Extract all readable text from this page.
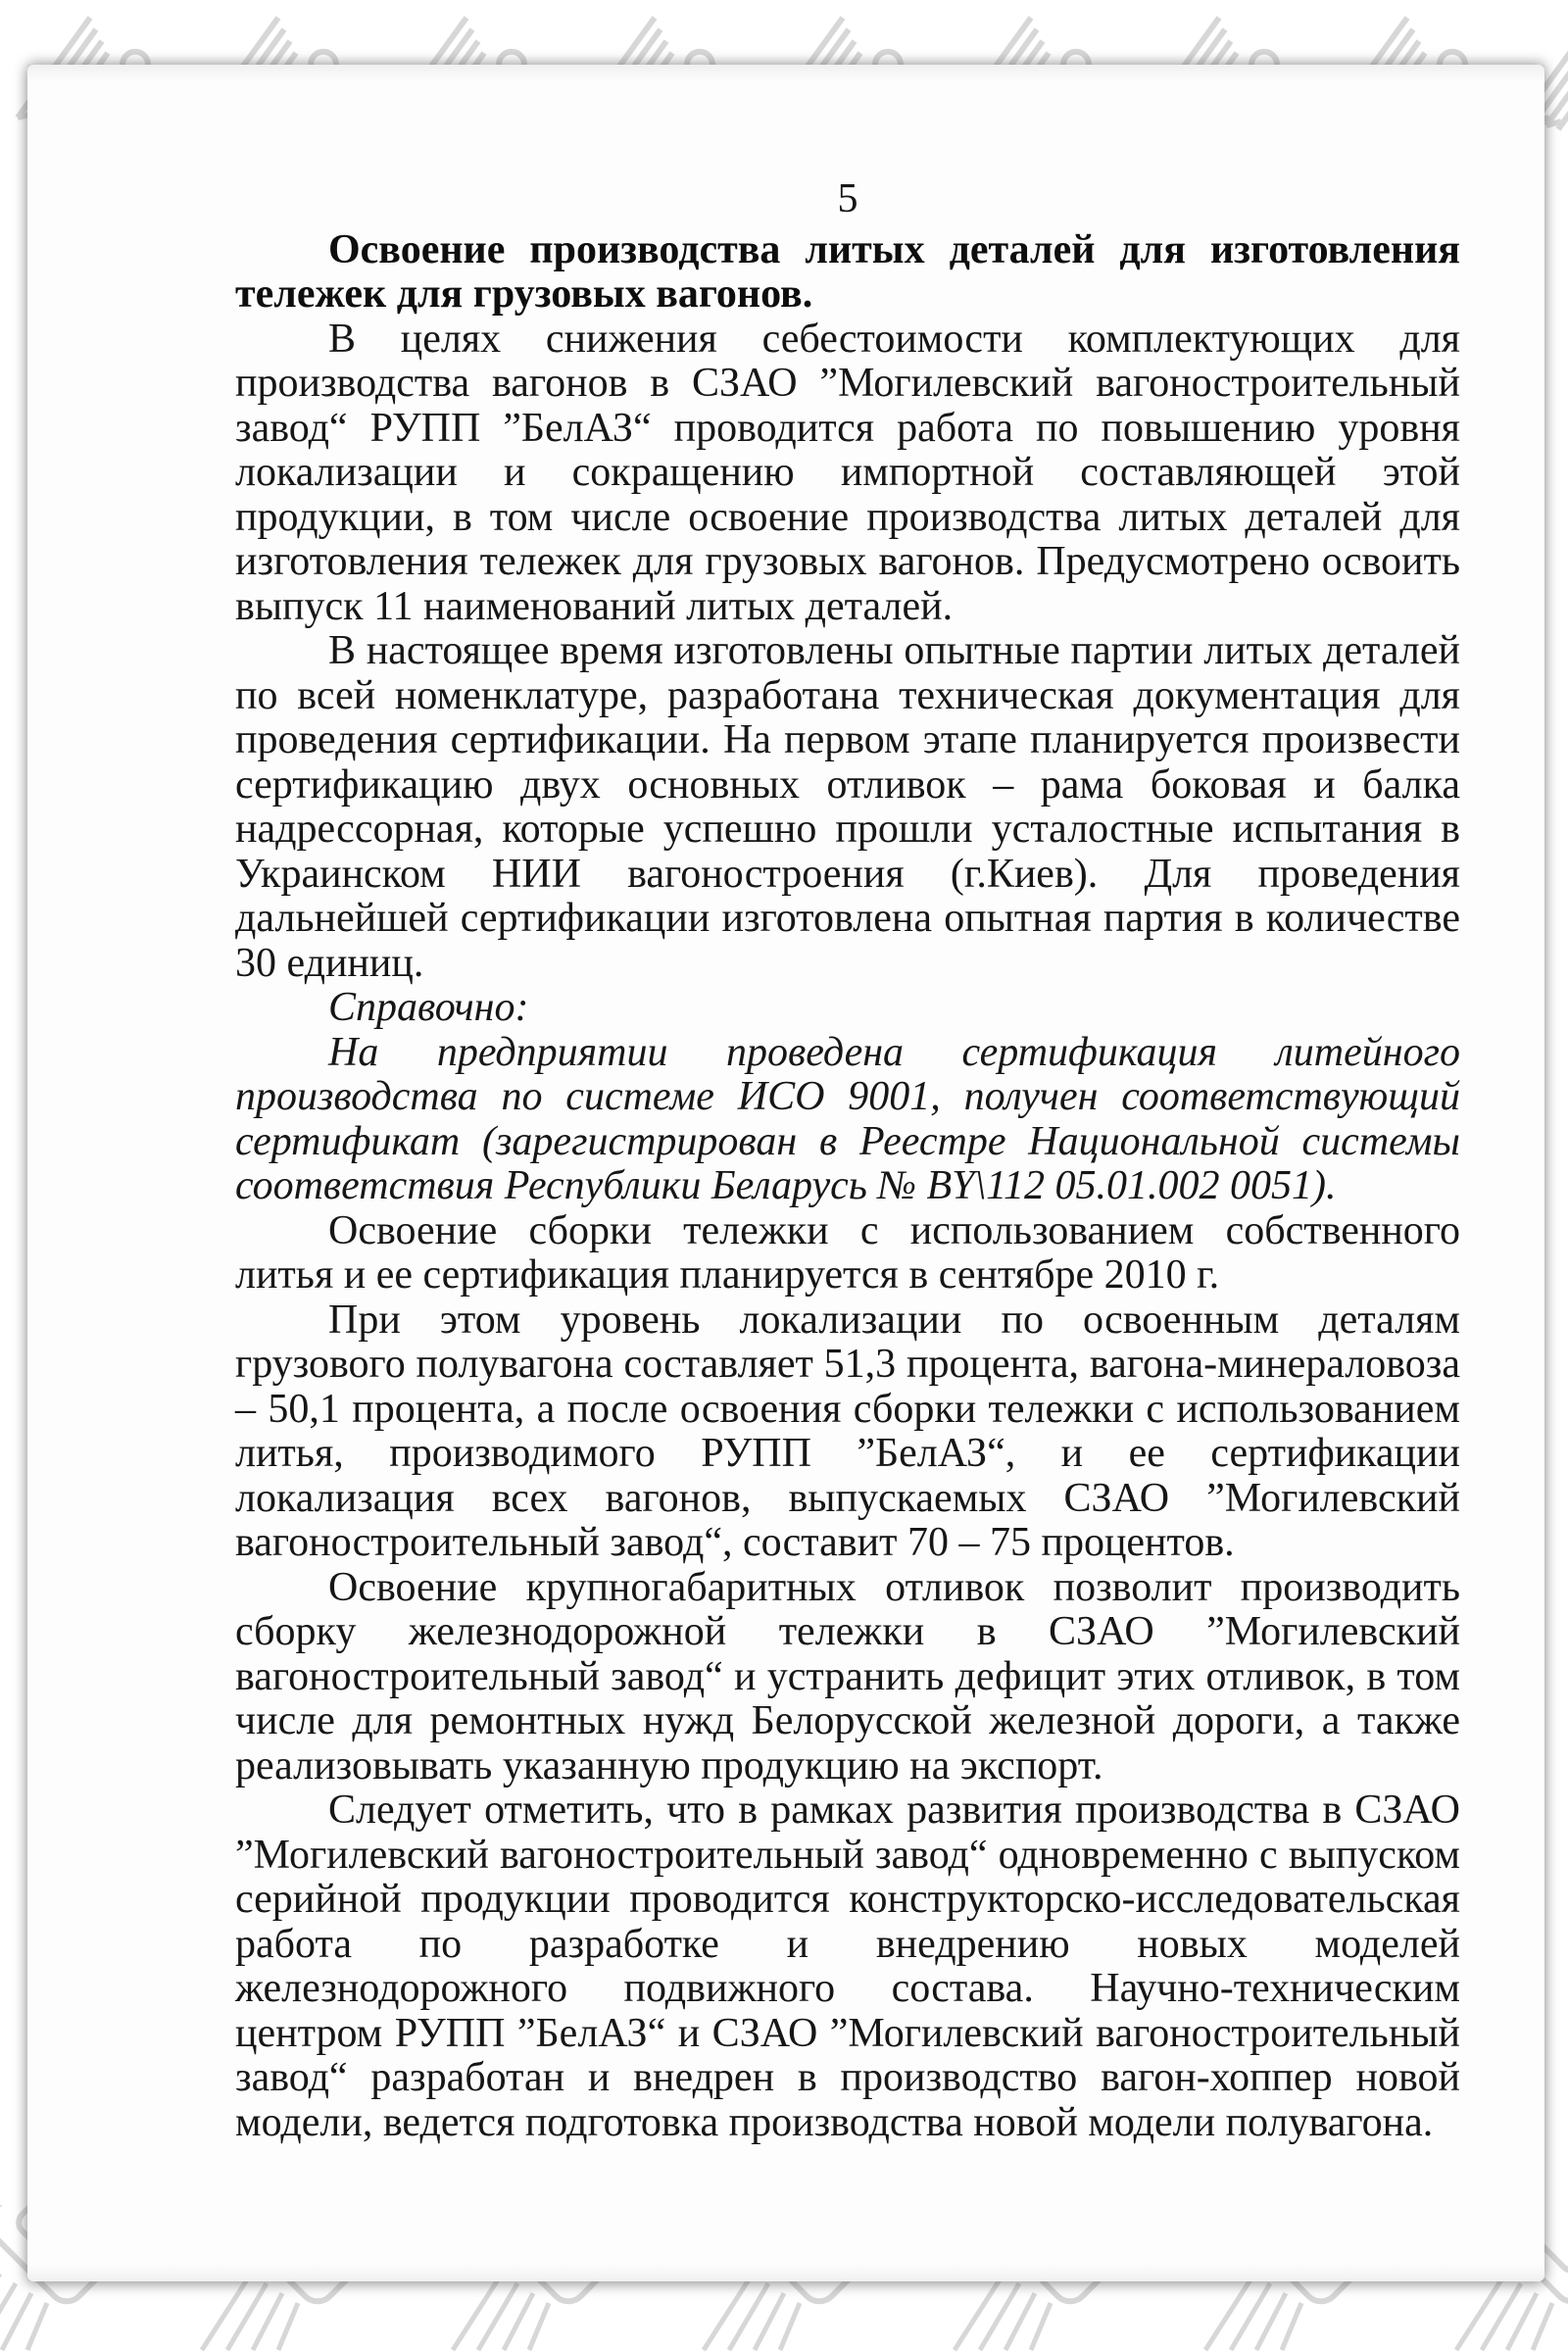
5

Освоение производства литых деталей для изготовления тележек для грузовых вагонов.

В целях снижения себестоимости комплектующих для производства вагонов в СЗАО ”Могилевский вагоностроительный завод“ РУПП ”БелАЗ“ проводится работа по повышению уровня локализации и сокращению импортной составляющей этой продукции, в том числе освоение производства литых деталей для изготовления тележек для грузовых вагонов. Предусмотрено освоить выпуск 11 наименований литых деталей.

В настоящее время изготовлены опытные партии литых деталей по всей номенклатуре, разработана техническая документация для проведения сертификации. На первом этапе планируется произвести сертификацию двух основных отливок – рама боковая и балка надрессорная, которые успешно прошли усталостные испытания в Украинском НИИ вагоностроения (г.Киев). Для проведения дальнейшей сертификации изготовлена опытная партия в количестве 30 единиц.

Справочно:

На предприятии проведена сертификация литейного производства по системе ИСО 9001, получен соответствующий сертификат (зарегистрирован в Реестре Национальной системы соответствия Республики Беларусь № BY\112 05.01.002 0051).

Освоение сборки тележки с использованием собственного литья и ее сертификация планируется в сентябре 2010 г.

При этом уровень локализации по освоенным деталям грузового полувагона составляет 51,3 процента, вагона-минераловоза – 50,1 процента, а после освоения сборки тележки с использованием литья, производимого РУПП ”БелАЗ“, и ее сертификации локализация всех вагонов, выпускаемых СЗАО ”Могилевский вагоностроительный завод“, составит 70 – 75 процентов.

Освоение крупногабаритных отливок позволит производить сборку железнодорожной тележки в СЗАО ”Могилевский вагоностроительный завод“ и устранить дефицит этих отливок, в том числе для ремонтных нужд Белорусской железной дороги, а также реализовывать указанную продукцию на экспорт.

Следует отметить, что в рамках развития производства в СЗАО ”Могилевский вагоностроительный завод“ одновременно с выпуском серийной продукции проводится конструкторско-исследовательская работа по разработке и внедрению новых моделей железнодорожного подвижного состава. Научно-техническим центром РУПП ”БелАЗ“ и СЗАО ”Могилевский вагоностроительный завод“ разработан и внедрен в производство вагон-хоппер новой модели, ведется подготовка производства новой модели полувагона.
